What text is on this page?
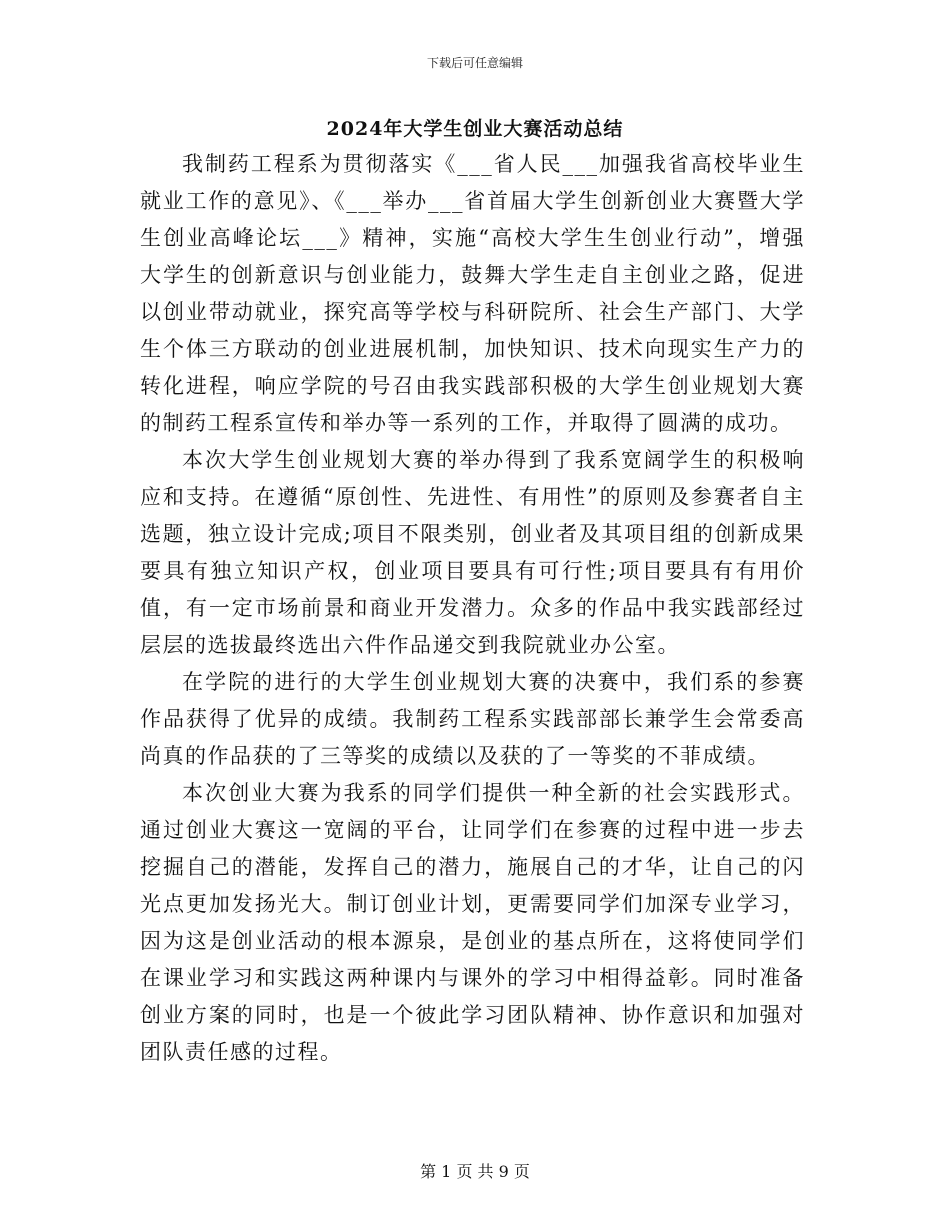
下载后可任意编辑
2024年大学生创业大赛活动总结

我制药工程系为贯彻落实《___省人民___加强我省高校毕业生就业工作的意见》、《___举办___省首届大学生创新创业大赛暨大学生创业高峰论坛___》精神，实施“高校大学生生创业行动”，增强大学生的创新意识与创业能力，鼓舞大学生走自主创业之路，促进以创业带动就业，探究高等学校与科研院所、社会生产部门、大学生个体三方联动的创业进展机制，加快知识、技术向现实生产力的转化进程，响应学院的号召由我实践部积极的大学生创业规划大赛的制药工程系宣传和举办等一系列的工作，并取得了圆满的成功。

本次大学生创业规划大赛的举办得到了我系宽阔学生的积极响应和支持。在遵循“原创性、先进性、有用性”的原则及参赛者自主选题，独立设计完成;项目不限类别，创业者及其项目组的创新成果要具有独立知识产权，创业项目要具有可行性;项目要具有有用价值，有一定市场前景和商业开发潜力。众多的作品中我实践部经过层层的选拔最终选出六件作品递交到我院就业办公室。

在学院的进行的大学生创业规划大赛的决赛中，我们系的参赛作品获得了优异的成绩。我制药工程系实践部部长兼学生会常委高尚真的作品获的了三等奖的成绩以及获的了一等奖的不菲成绩。

本次创业大赛为我系的同学们提供一种全新的社会实践形式。通过创业大赛这一宽阔的平台，让同学们在参赛的过程中进一步去挖掘自己的潜能，发挥自己的潜力，施展自己的才华，让自己的闪光点更加发扬光大。制订创业计划，更需要同学们加深专业学习，因为这是创业活动的根本源泉，是创业的基点所在，这将使同学们在课业学习和实践这两种课内与课外的学习中相得益彰。同时准备创业方案的同时，也是一个彼此学习团队精神、协作意识和加强对团队责任感的过程。

第 1 页 共 9 页
